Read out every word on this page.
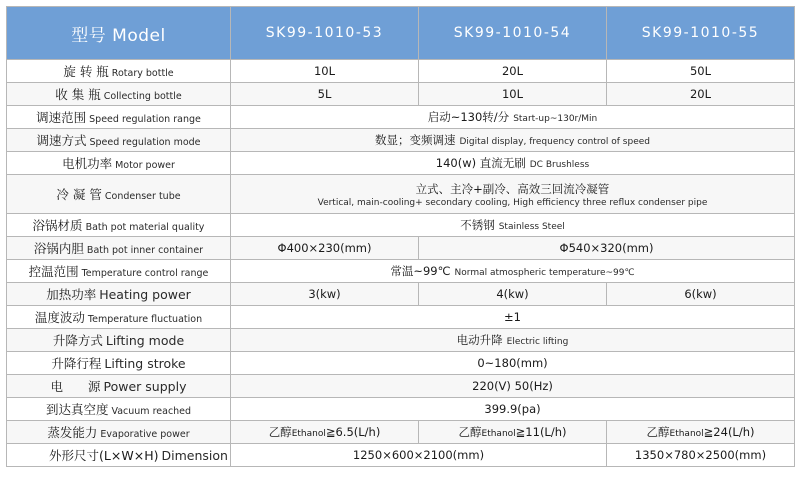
型号 Model	SK99-1010-53	SK99-1010-54	SK99-1010-55
旋 转 瓶 Rotary bottle	10L	20L	50L
收 集 瓶 Collecting bottle	5L	10L	20L
调速范围 Speed regulation range	启动~130转/分 Start-up~130r/Min		
调速方式 Speed regulation mode	数显；变频调速 Digital display, frequency control of speed		
电机功率 Motor power	140(w) 直流无刷 DC Brushless		
冷 凝 管 Condenser tube	立式、主冷+副冷、高效三回流冷凝管
Vertical, main-cooling+ secondary cooling, High efficiency three reflux condenser pipe		

浴锅材质 Bath pot material quality	不锈钢 Stainless Steel		
浴锅内胆 Bath pot inner container	Φ400×230(mm)	Φ540×320(mm)	
控温范围 Temperature control range	常温~99℃ Normal atmospheric temperature~99℃		
加热功率 Heating power	3(kw)	4(kw)	6(kw)
温度波动 Temperature fluctuation	±1		
升降方式 Lifting mode	电动升降 Electric lifting		
升降行程 Lifting stroke	0~180(mm)		
电　　源 Power supply	220(V) 50(Hz)		
到达真空度 Vacuum reached	399.9(pa)		
蒸发能力 Evaporative power	乙醇Ethanol≧6.5(L/h)	乙醇Ethanol≧11(L/h)	乙醇Ethanol≧24(L/h)
外形尺寸(L×W×H) Dimension	1250×600×2100(mm)		1350×780×2500(mm)
